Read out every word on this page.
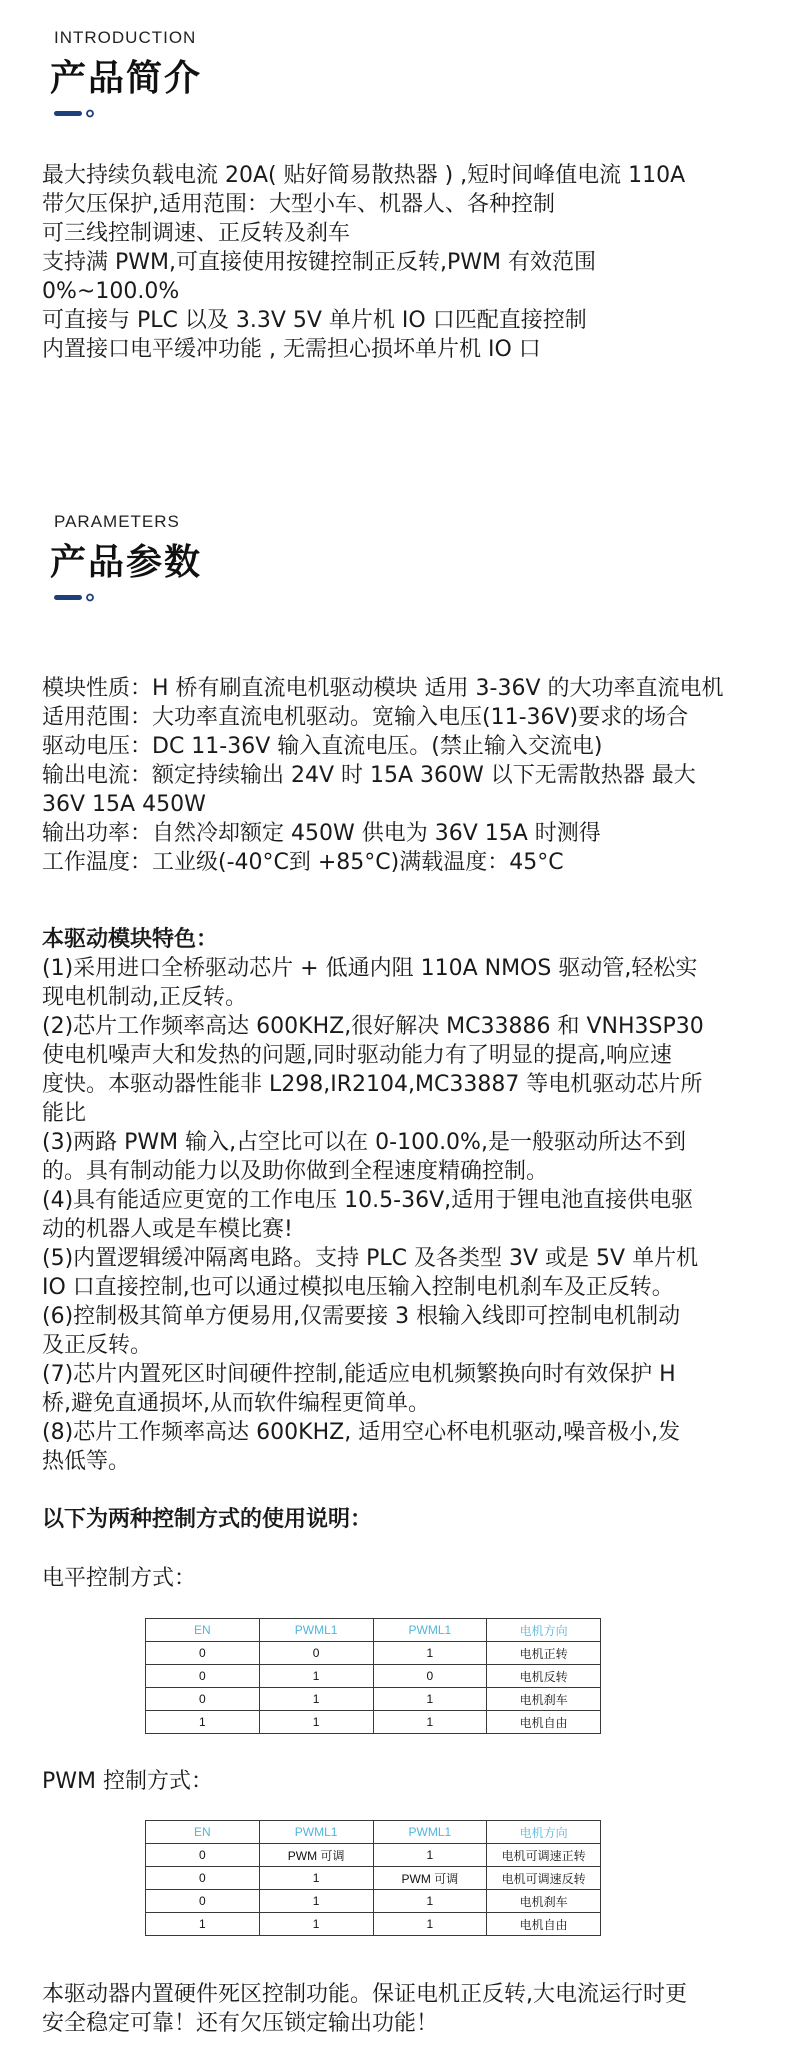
INTRODUCTION
产品简介
最大持续负载电流 20A( 贴好简易散热器 ) ,短时间峰值电流 110A
带欠压保护,适用范围：大型小车、机器人、各种控制
可三线控制调速、正反转及刹车
支持满 PWM,可直接使用按键控制正反转,PWM 有效范围
0%~100.0%
可直接与 PLC 以及 3.3V 5V 单片机 IO 口匹配直接控制
内置接口电平缓冲功能 , 无需担心损坏单片机 IO 口
PARAMETERS
产品参数
模块性质：H 桥有刷直流电机驱动模块 适用 3-36V 的大功率直流电机
适用范围：大功率直流电机驱动。宽输入电压(11-36V)要求的场合
驱动电压：DC 11-36V 输入直流电压。(禁止输入交流电)
输出电流：额定持续输出 24V 时 15A 360W 以下无需散热器 最大
36V 15A 450W
输出功率：自然冷却额定 450W 供电为 36V 15A 时测得
工作温度：工业级(-40°C到 +85°C)满载温度：45°C
本驱动模块特色：
(1)采用进口全桥驱动芯片 + 低通内阻 110A NMOS 驱动管,轻松实
现电机制动,正反转。
(2)芯片工作频率高达 600KHZ,很好解决 MC33886 和 VNH3SP30
使电机噪声大和发热的问题,同时驱动能力有了明显的提高,响应速
度快。本驱动器性能非 L298,IR2104,MC33887 等电机驱动芯片所
能比
(3)两路 PWM 输入,占空比可以在 0-100.0%,是一般驱动所达不到
的。具有制动能力以及助你做到全程速度精确控制。
(4)具有能适应更宽的工作电压 10.5-36V,适用于锂电池直接供电驱
动的机器人或是车模比赛!
(5)内置逻辑缓冲隔离电路。支持 PLC 及各类型 3V 或是 5V 单片机
IO 口直接控制,也可以通过模拟电压输入控制电机刹车及正反转。
(6)控制极其简单方便易用,仅需要接 3 根输入线即可控制电机制动
及正反转。
(7)芯片内置死区时间硬件控制,能适应电机频繁换向时有效保护 H
桥,避免直通损坏,从而软件编程更简单。
(8)芯片工作频率高达 600KHZ, 适用空心杯电机驱动,噪音极小,发
热低等。
以下为两种控制方式的使用说明：
电平控制方式：
EN	PWML1	PWML1	电机方向
0	0	1	电机正转
0	1	0	电机反转
0	1	1	电机刹车
1	1	1	电机自由
PWM 控制方式：
EN	PWML1	PWML1	电机方向
0	PWM 可调	1	电机可调速正转
0	1	PWM 可调	电机可调速反转
0	1	1	电机刹车
1	1	1	电机自由
本驱动器内置硬件死区控制功能。保证电机正反转,大电流运行时更
安全稳定可靠！还有欠压锁定输出功能！
